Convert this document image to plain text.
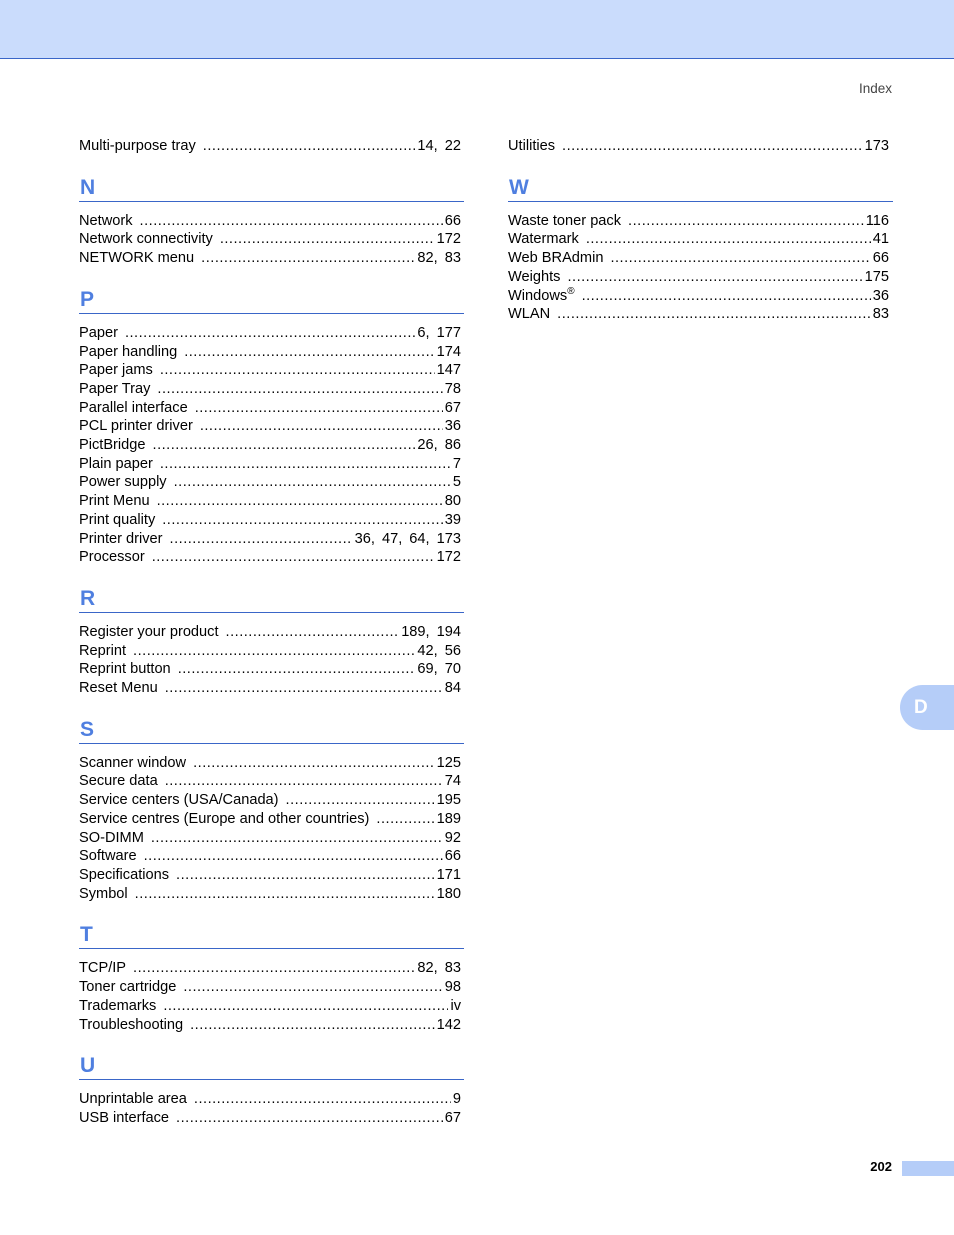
Index
Multi-purpose tray .....	14, 22
N
Network .....	66
Network connectivity .....	172
NETWORK menu .....	82, 83
P
Paper .....	6, 177
Paper handling .....	174
Paper jams .....	147
Paper Tray .....	78
Parallel interface .....	67
PCL printer driver .....	36
PictBridge .....	26, 86
Plain paper .....	7
Power supply .....	5
Print Menu .....	80
Print quality .....	39
Printer driver .....	36, 47, 64, 173
Processor .....	172
R
Register your product .....	189, 194
Reprint .....	42, 56
Reprint button .....	69, 70
Reset Menu .....	84
S
Scanner window .....	125
Secure data .....	74
Service centers (USA/Canada) .....	195
Service centres (Europe and other countries) .....	189
SO-DIMM .....	92
Software .....	66
Specifications .....	171
Symbol .....	180
T
TCP/IP .....	82, 83
Toner cartridge .....	98
Trademarks .....	iv
Troubleshooting .....	142
U
Unprintable area .....	9
USB interface .....	67
Utilities .....	173
W
Waste toner pack .....	116
Watermark .....	41
Web BRAdmin .....	66
Weights .....	175
Windows® .....	36
WLAN .....	83
D
202
